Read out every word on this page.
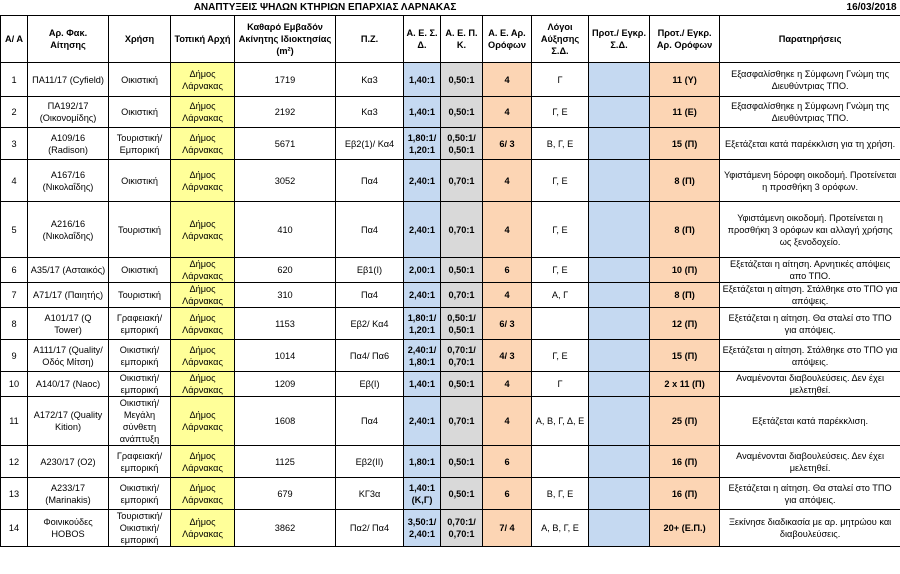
ΑΝΑΠΤΥΞΕΙΣ ΨΗΛΩΝ ΚΤΗΡΙΩΝ ΕΠΑΡΧΙΑΣ ΛΑΡΝΑΚΑΣ											16/03/2018	
Α/ Α	Αρ. Φακ. Αίτησης	Χρήση	Τοπική Αρχή	Καθαρό Εμβαδόν Ακίνητης Ιδιοκτησίας (m²)	Π.Ζ.	Α. Ε. Σ. Δ.	Α. Ε. Π. Κ.	Α. Ε. Αρ. Ορόφων	Λόγοι Αύξησης Σ.Δ.	Προτ./ Εγκρ. Σ.Δ.	Προτ./ Εγκρ. Αρ. Ορόφων	Παρατηρήσεις
1	ΠΑ11/17 (Cyfield)	Οικιστική	Δήμος Λάρνακας	1719	Κα3	1,40:1	0,50:1	4	Γ		11 (Υ)	Εξασφαλίσθηκε η Σύμφωνη Γνώμη της Διευθύντριας ΤΠΟ.
2	ΠΑ192/17 (Οικονομίδης)	Οικιστική	Δήμος Λάρνακας	2192	Κα3	1,40:1	0,50:1	4	Γ, Ε		11 (Ε)	Εξασφαλίσθηκε η Σύμφωνη Γνώμη της Διευθύντριας ΤΠΟ.
3	Α109/16 (Radison)	Τουριστική/ Εμπορική	Δήμος Λάρνακας	5671	Εβ2(1)/ Κα4	1,80:1/ 1,20:1	0,50:1/ 0,50:1	6/ 3	Β, Γ, Ε		15 (Π)	Εξετάζεται κατά παρέκκλιση για τη χρήση.
4	Α167/16 (Νικολαΐδης)	Οικιστική	Δήμος Λάρνακας	3052	Πα4	2,40:1	0,70:1	4	Γ, Ε		8 (Π)	Υφιστάμενη 5όροφη οικοδομή. Προτείνεται η προσθήκη 3 ορόφων.
5	Α216/16 (Νικολαΐδης)	Τουριστική	Δήμος Λάρνακας	410	Πα4	2,40:1	0,70:1	4	Γ, Ε		8 (Π)	Υφιστάμενη οικοδομή. Προτείνεται η προσθήκη 3 ορόφων και αλλαγή χρήσης ως ξενοδοχείο.
6	Α35/17 (Ασταικός)	Οικιστική	Δήμος Λάρνακας	620	Εβ1(Ι)	2,00:1	0,50:1	6	Γ, Ε		10 (Π)	Εξετάζεται η αίτηση. Αρνητικές απόψεις απο ΤΠΟ.
7	Α71/17 (Παιητής)	Τουριστική	Δήμος Λάρνακας	310	Πα4	2,40:1	0,70:1	4	Α, Γ		8 (Π)	Εξετάζεται η αίτηση. Στάλθηκε στο ΤΠΟ για απόψεις.
8	Α101/17 (Q Tower)	Γραφειακή/ εμπορική	Δήμος Λάρνακας	1153	Εβ2/ Κα4	1,80:1/ 1,20:1	0,50:1/ 0,50:1	6/ 3			12 (Π)	Εξετάζεται η αίτηση. Θα σταλεί στο ΤΠΟ για απόψεις.
9	Α111/17 (Quality/ Οδός Μίτση)	Οικιστική/ εμπορική	Δήμος Λάρνακας	1014	Πα4/ Πα6	2,40:1/ 1,80:1	0,70:1/ 0,70:1	4/ 3	Γ, Ε		15 (Π)	Εξετάζεται η αίτηση. Στάλθηκε στο ΤΠΟ για απόψεις.
10	Α140/17 (Naoc)	Οικιστική/ εμπορική	Δήμος Λάρνακας	1209	Εβ(Ι)	1,40:1	0,50:1	4	Γ		2 x 11 (Π)	Αναμένονται διαβουλεύσεις. Δεν έχει μελετηθεί.
11	Α172/17 (Quality Kition)	Οικιστική/ Μεγάλη σύνθετη ανάπτυξη	Δήμος Λάρνακας	1608	Πα4	2,40:1	0,70:1	4	Α, Β, Γ, Δ, Ε		25 (Π)	Εξετάζεται κατά παρέκκλιση.
12	Α230/17 (Ο2)	Γραφειακή/ εμπορική	Δήμος Λάρνακας	1125	Εβ2(ΙΙ)	1,80:1	0,50:1	6			16 (Π)	Αναμένονται διαβουλεύσεις. Δεν έχει μελετηθεί.
13	Α233/17 (Marinakis)	Οικιστική/ εμπορική	Δήμος Λάρνακας	679	ΚΓ3α	1,40:1 (Κ,Γ)	0,50:1	6	Β, Γ, Ε		16 (Π)	Εξετάζεται η αίτηση. Θα σταλεί στο ΤΠΟ για απόψεις.
14	Φοινικούδες HOBOS	Τουριστική/ Οικιστική/ εμπορική	Δήμος Λάρνακας	3862	Πα2/ Πα4	3,50:1/ 2,40:1	0,70:1/ 0,70:1	7/ 4	Α, Β, Γ, Ε		20+ (Ε.Π.)	Ξεκίνησε διαδικασία με αρ. μητρώου και διαβουλεύσεις.
